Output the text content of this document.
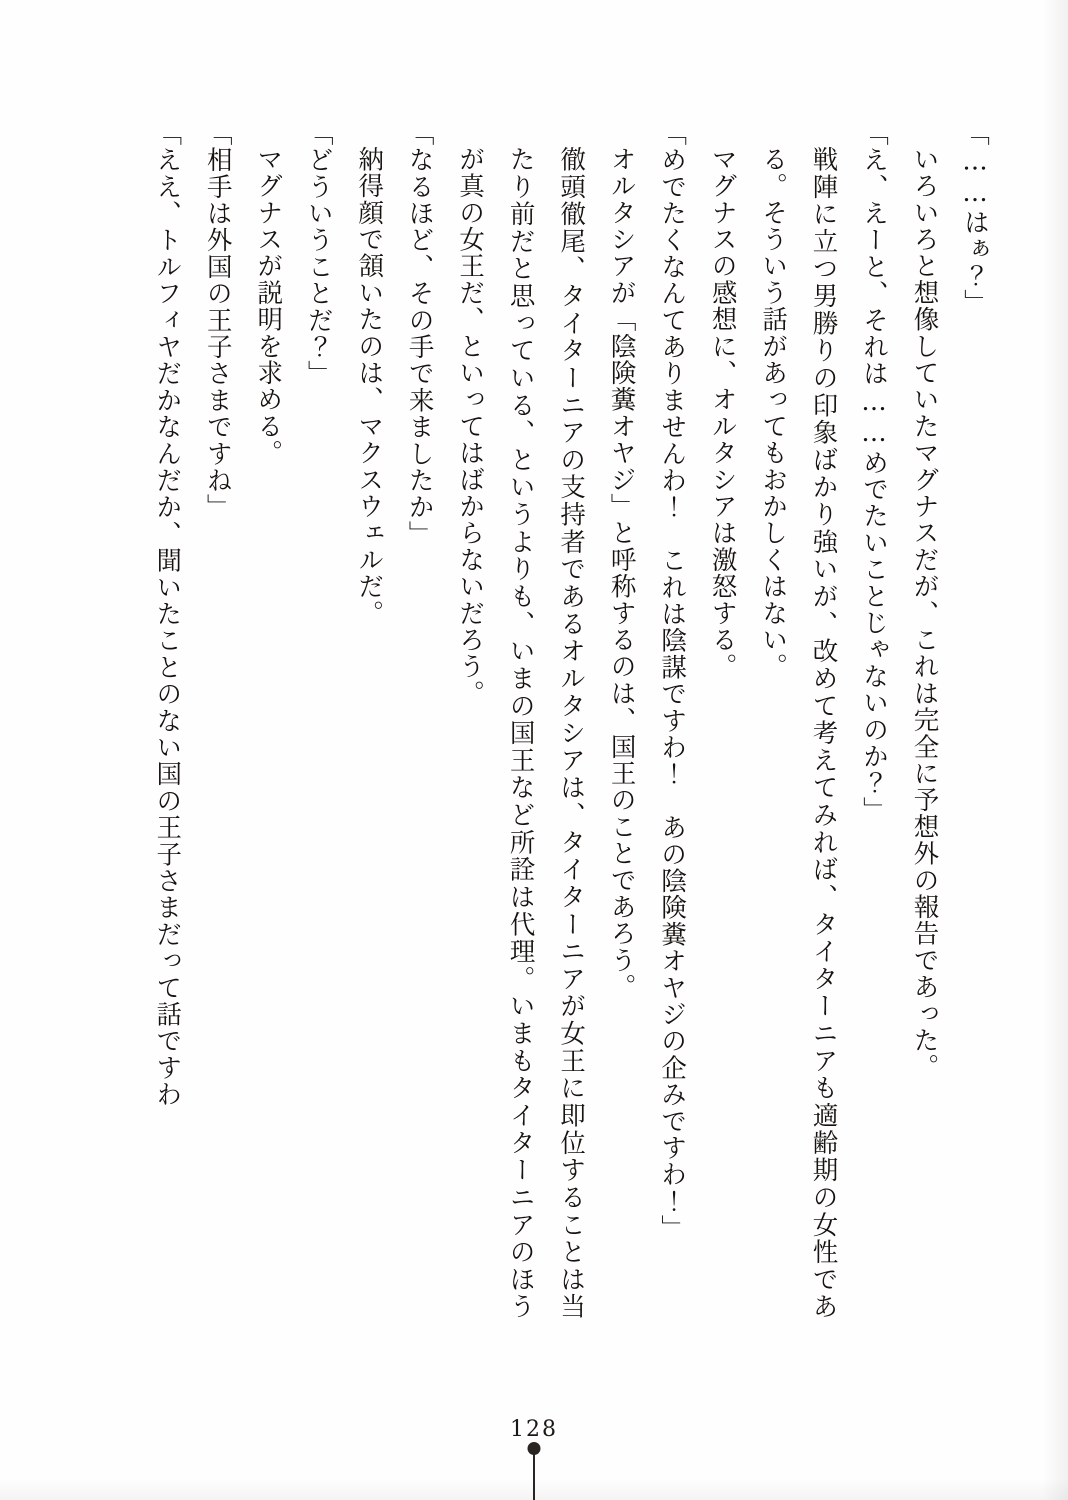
「……はぁ？」

いろいろと想像していたマグナスだが、これは完全に予想外の報告であった。

「え、えーと、それは……めでたいことじゃないのか？」

戦陣に立つ男勝りの印象ばかり強いが、改めて考えてみれば、タイターニアも適齢期の女性である。そういう話があってもおかしくはない。

マグナスの感想に、オルタシアは激怒する。

「めでたくなんてありませんわ！　これは陰謀ですわ！　あの陰険糞オヤジの企みですわ！」

オルタシアが「陰険糞オヤジ」と呼称するのは、国王のことであろう。

徹頭徹尾、タイターニアの支持者であるオルタシアは、タイターニアが女王に即位することは当たり前だと思っている、というよりも、いまの国王など所詮は代理。いまもタイターニアのほうが真の女王だ、といってはばからないだろう。

「なるほど、その手で来ましたか」

納得顔で頷いたのは、マクスウェルだ。

「どういうことだ？」

マグナスが説明を求める。

「相手は外国の王子さまですね」

「ええ、トルフィヤだかなんだか、聞いたことのない国の王子さまだって話ですわ

128
